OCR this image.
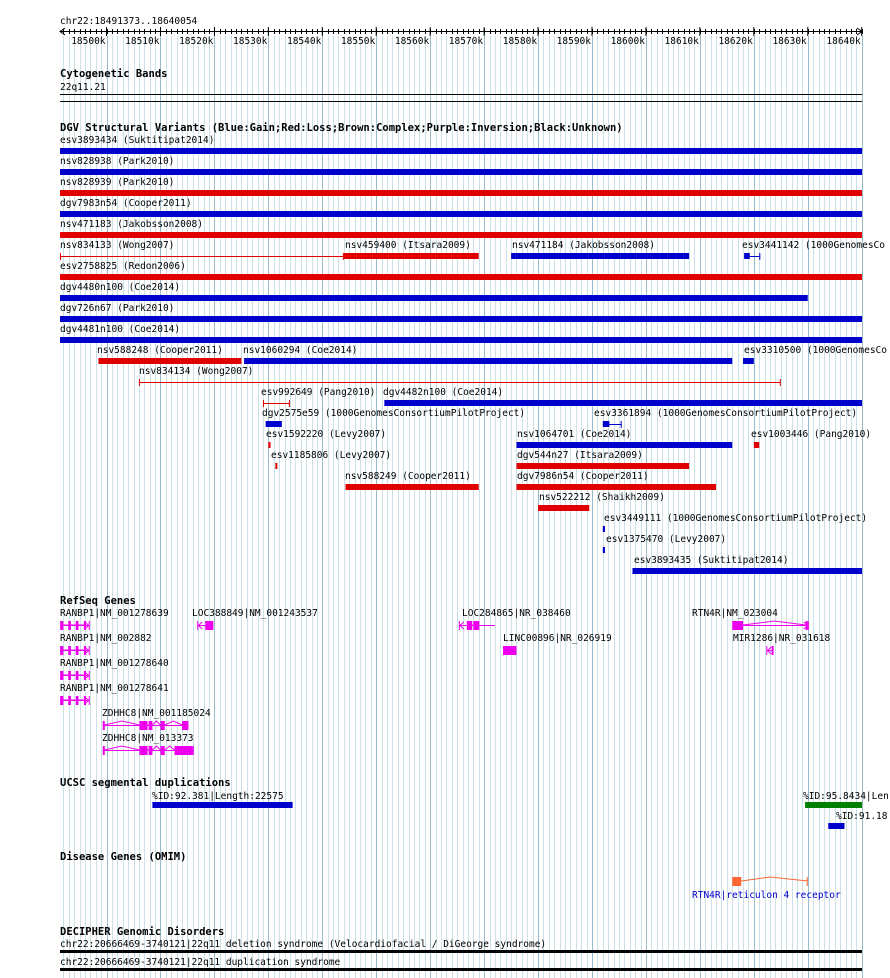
chr22:18491373..18640054
18500k 18510k 18520k 18530k 18540k 18550k 18560k 18570k 18580k 18590k 18600k 18610k 18620k 18630k 18640k
Cytogenetic Bands
22q11.21
DGV Structural Variants (Blue:Gain;Red:Loss;Brown:Complex;Purple:Inversion;Black:Unknown)
esv3893434 (Suktitipat2014)
nsv828938 (Park2010)
nsv828939 (Park2010)
dgv7983n54 (Cooper2011)
nsv471183 (Jakobsson2008)
nsv834133 (Wong2007)	nsv459400 (Itsara2009)	nsv471184 (Jakobsson2008)	esv3441142 (1000GenomesCo
esv2758825 (Redon2006)
dgv4480n100 (Coe2014)
dgv726n67 (Park2010)
dgv4481n100 (Coe2014)
nsv588248 (Cooper2011) nsv1060294 (Coe2014)	esv3310500 (1000GenomesCo
nsv834134 (Wong2007)
esv992649 (Pang2010) dgv4482n100 (Coe2014)
dgv2575e59 (1000GenomesConsortiumPilotProject)	esv3361894 (1000GenomesConsortiumPilotProject)
esv1592220 (Levy2007)	nsv1064701 (Coe2014)	esv1003446 (Pang2010)
esv1185806 (Levy2007)	dgv544n27 (Itsara2009)
nsv588249 (Cooper2011)	dgv7986n54 (Cooper2011)
nsv522212 (Shaikh2009)
esv3449111 (1000GenomesConsortiumPilotProject)
esv1375470 (Levy2007)
esv3893435 (Suktitipat2014)
RefSeq Genes
RANBP1|NM_001278639 LOC388849|NM_001243537	LOC284865|NR_038460	RTN4R|NM_023004
RANBP1|NM_002882	LINC00896|NR_026919	MIR1286|NR_031618
RANBP1|NM_001278640
RANBP1|NM_001278641
ZDHHC8|NM_001185024
ZDHHC8|NM_013373
UCSC segmental duplications
%ID:92.381|Length:22575	%ID:95.8434|Len
%ID:91.18
Disease Genes (OMIM)
RTN4R|reticulon 4 receptor
DECIPHER Genomic Disorders
chr22:20666469-3740121|22q11 deletion syndrome (Velocardiofacial / DiGeorge syndrome)
chr22:20666469-3740121|22q11 duplication syndrome
